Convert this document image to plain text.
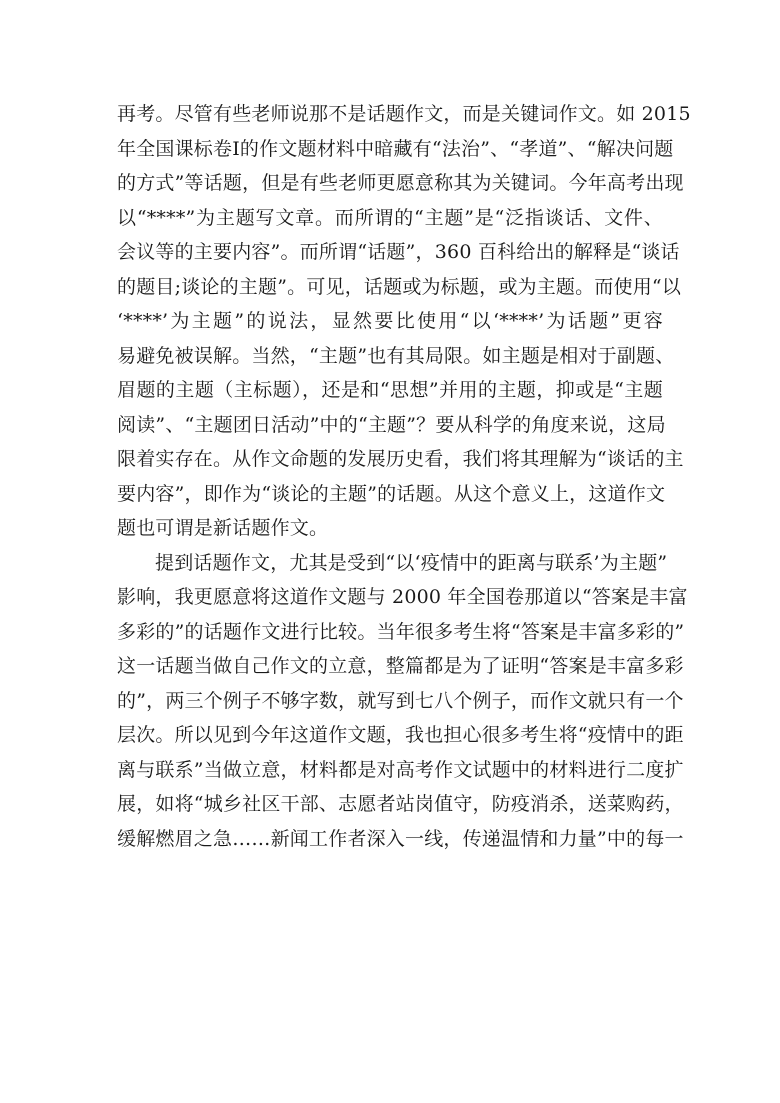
再考。尽管有些老师说那不是话题作文，而是关键词作文。如 2015
年全国课标卷Ⅰ的作文题材料中暗藏有“法治”、“孝道”、“解决问题
的方式”等话题，但是有些老师更愿意称其为关键词。今年高考出现
以“****”为主题写文章。而所谓的“主题”是“泛指谈话、文件、
会议等的主要内容”。而所谓“话题”，360 百科给出的解释是“谈话
的题目;谈论的主题”。可见，话题或为标题，或为主题。而使用“以
‘****’为主题”的说法，显然要比使用“以‘****’为话题”更容
易避免被误解。当然，“主题”也有其局限。如主题是相对于副题、
眉题的主题（主标题），还是和“思想”并用的主题，抑或是“主题
阅读”、“主题团日活动”中的“主题”？要从科学的角度来说，这局
限着实存在。从作文命题的发展历史看，我们将其理解为“谈话的主
要内容”，即作为“谈论的主题”的话题。从这个意义上，这道作文
题也可谓是新话题作文。
提到话题作文，尤其是受到“以‘疫情中的距离与联系’为主题”
影响，我更愿意将这道作文题与 2000 年全国卷那道以“答案是丰富
多彩的”的话题作文进行比较。当年很多考生将“答案是丰富多彩的”
这一话题当做自己作文的立意，整篇都是为了证明“答案是丰富多彩
的”，两三个例子不够字数，就写到七八个例子，而作文就只有一个
层次。所以见到今年这道作文题，我也担心很多考生将“疫情中的距
离与联系”当做立意，材料都是对高考作文试题中的材料进行二度扩
展，如将“城乡社区干部、志愿者站岗值守，防疫消杀，送菜购药，
缓解燃眉之急……新闻工作者深入一线，传递温情和力量”中的每一
